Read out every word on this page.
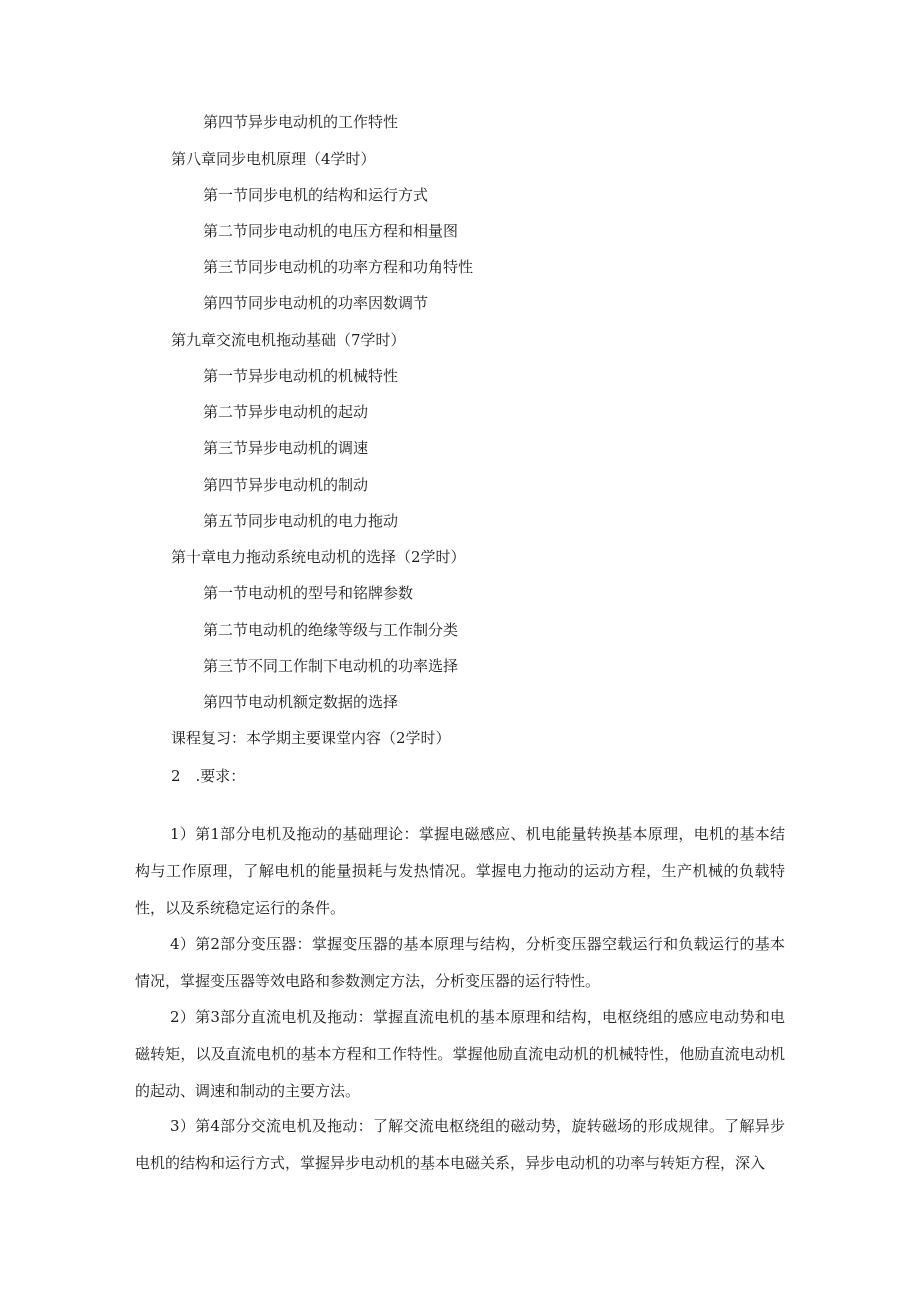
第四节异步电动机的工作特性
第八章同步电机原理（4学时）
第一节同步电机的结构和运行方式
第二节同步电动机的电压方程和相量图
第三节同步电动机的功率方程和功角特性
第四节同步电动机的功率因数调节
第九章交流电机拖动基础（7学时）
第一节异步电动机的机械特性
第二节异步电动机的起动
第三节异步电动机的调速
第四节异步电动机的制动
第五节同步电动机的电力拖动
第十章电力拖动系统电动机的选择（2学时）
第一节电动机的型号和铭牌参数
第二节电动机的绝缘等级与工作制分类
第三节不同工作制下电动机的功率选择
第四节电动机额定数据的选择
课程复习：本学期主要课堂内容（2学时）
2　.要求：
1）第1部分电机及拖动的基础理论：掌握电磁感应、机电能量转换基本原理，电机的基本结构与工作原理，了解电机的能量损耗与发热情况。掌握电力拖动的运动方程，生产机械的负载特性，以及系统稳定运行的条件。
4）第2部分变压器：掌握变压器的基本原理与结构，分析变压器空载运行和负载运行的基本情况，掌握变压器等效电路和参数测定方法，分析变压器的运行特性。
2）第3部分直流电机及拖动：掌握直流电机的基本原理和结构，电枢绕组的感应电动势和电磁转矩，以及直流电机的基本方程和工作特性。掌握他励直流电动机的机械特性，他励直流电动机的起动、调速和制动的主要方法。
3）第4部分交流电机及拖动：了解交流电枢绕组的磁动势，旋转磁场的形成规律。了解异步电机的结构和运行方式，掌握异步电动机的基本电磁关系，异步电动机的功率与转矩方程，深入
